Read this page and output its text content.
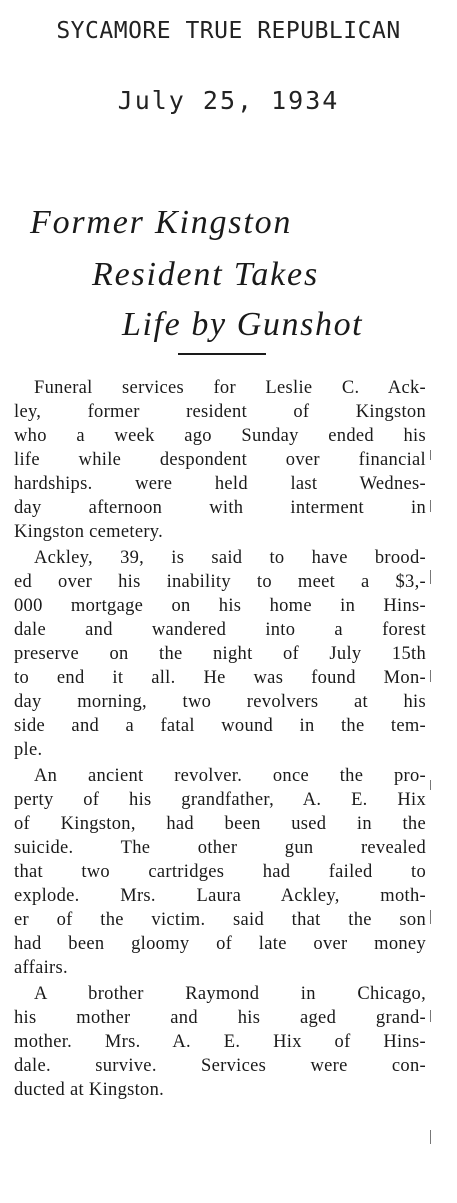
SYCAMORE TRUE REPUBLICAN
July 25, 1934
Former Kingston
Resident Takes
Life by Gunshot
Funeral services for Leslie C. Ack-
ley, former resident of Kingston
who a week ago Sunday ended his
life while despondent over financial
hardships. were held last Wednes-
day afternoon with interment in
Kingston cemetery.
Ackley, 39, is said to have brood-
ed over his inability to meet a $3,-
000 mortgage on his home in Hins-
dale and wandered into a forest
preserve on the night of July 15th
to end it all. He was found Mon-
day morning, two revolvers at his
side and a fatal wound in the tem-
ple.
An ancient revolver. once the pro-
perty of his grandfather, A. E. Hix
of Kingston, had been used in the
suicide. The other gun revealed
that two cartridges had failed to
explode. Mrs. Laura Ackley, moth-
er of the victim. said that the son
had been gloomy of late over money
affairs.
A brother Raymond in Chicago,
his mother and his aged grand-
mother. Mrs. A. E. Hix of Hins-
dale. survive. Services were con-
ducted at Kingston.
